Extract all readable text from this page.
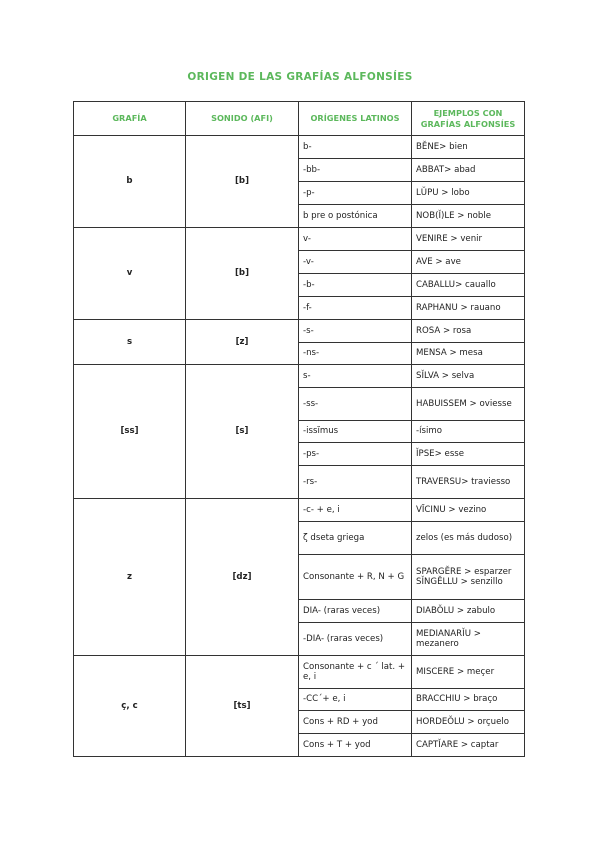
ORIGEN DE LAS GRAFÍAS ALFONSÍES
GRAFÍA	SONIDO (AFI)	ORÍGENES LATINOS	EJEMPLOS CON GRAFÍAS ALFONSÍES
b	[b]	b-	BĔNE> bien
		-bb-	ABBAT> abad
		-p-	LŬPU > lobo
		b pre o postónica	NOB(Ĭ)LE > noble
v	[b]	v-	VENIRE > venir
		-v-	AVE > ave
		-b-	CABALLU> cauallo
		-f-	RAPHANU > rauano
s	[z]	-s-	ROSA > rosa
		-ns-	MENSA > mesa
[ss]	[s]	s-	SĬLVA > selva
		-ss-	HABUISSEM > oviesse
		-issĭmus	-ísimo
		-ps-	ĬPSE> esse
		-rs-	TRAVERSU> traviesso
z	[dz]	-c- + e, i	VĪCINU > vezino
		ζ dseta griega	zelos (es más dudoso)
		Consonante + R, N + G	SPARGĔRE > esparzer SĬNGĔLLU > senzillo
		DIA- (raras veces)	DIABŎLU > zabulo
		-DIA- (raras veces)	MEDIANARĬU > mezanero
ç, c	[ts]	Consonante + c ´ lat. + e, i	MISCERE > meçer
		-CC´+ e, i	BRACCHIU > braço
		Cons + RD + yod	HORDEŎLU > orçuelo
		Cons + T + yod	CAPTĬARE > captar
